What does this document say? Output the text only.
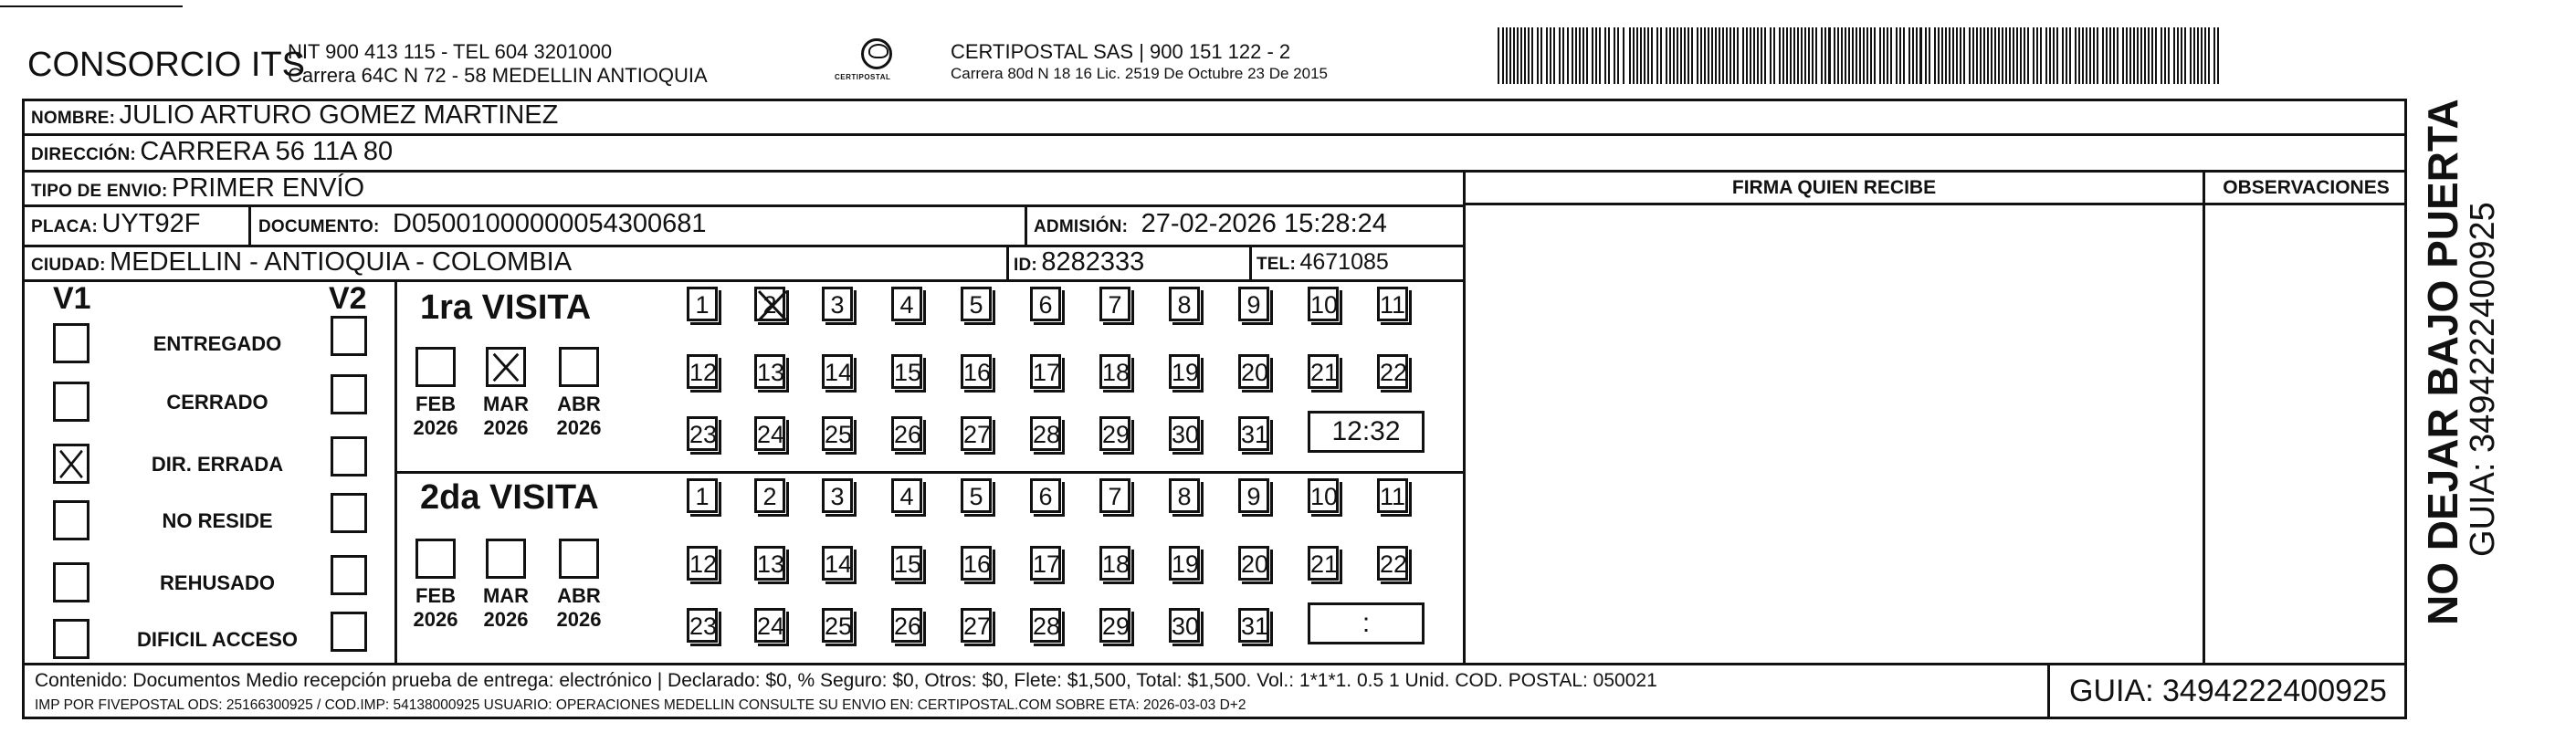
CONSORCIO ITS
NIT 900 413 115 - TEL 604 3201000
Carrera 64C N 72 - 58 MEDELLIN ANTIOQUIA	CERTIPOSTAL
CERTIPOSTAL SAS | 900 151 122 - 2
Carrera 80d N 18 16 Lic. 2519 De Octubre 23 De 2015
NOMBRE: JULIO ARTURO GOMEZ MARTINEZ
DIRECCIÓN: CARRERA 56 11A 80
FIRMA QUIEN RECIBE	OBSERVACIONES
TIPO DE ENVIO: PRIMER ENVÍO
PLACA: UYT92F	DOCUMENTO: D05001000000054300681	ADMISIÓN: 27-02-2026 15:28:24
CIUDAD: MEDELLIN - ANTIOQUIA - COLOMBIA	ID: 8282333	TEL: 4671085
V1	V2
ENTREGADO
CERRADO
DIR. ERRADA
NO RESIDE
REHUSADO
DIFICIL ACCESO
1ra VISITA
2da VISITA
FEB
2026
MAR
2026
ABR
2026
1	2	3	4	5	6	7	8	9	10 11
12 13 14 15 16 17 18 19 20 21 22
23 24 25 26 27 28 29 30 31	12:32
FEB
2026
MAR
2026
ABR
2026
1	2	3	4	5	6	7	8	9	10 11
12 13 14 15 16 17 18 19 20 21 22
23 24 25 26 27 28 29 30 31	:
Contenido: Documentos Medio recepción prueba de entrega: electrónico | Declarado: $0, % Seguro: $0, Otros: $0, Flete: $1,500, Total: $1,500. Vol.: 1*1*1. 0.5 1 Unid. COD. POSTAL: 050021
IMP POR FIVEPOSTAL ODS: 25166300925 / COD.IMP: 54138000925 USUARIO: OPERACIONES MEDELLIN CONSULTE SU ENVIO EN: CERTIPOSTAL.COM SOBRE ETA: 2026-03-03 D+2	GUIA: 3494222400925
NO DEJAR BAJO PUERTA
GUIA: 3494222400925
